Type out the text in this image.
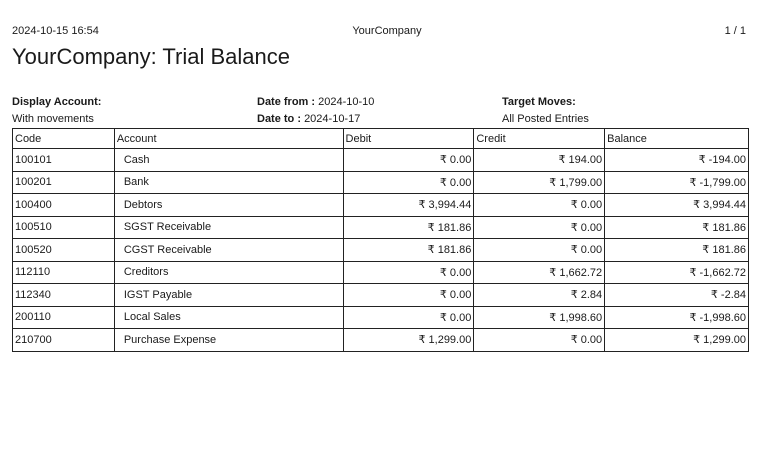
2024-10-15 16:54	YourCompany	1 / 1
YourCompany: Trial Balance
Display Account:
With movements
Date from : 2024-10-10
Date to : 2024-10-17
Target Moves:
All Posted Entries
Code	Account	Debit	Credit	Balance
100101	Cash	₹ 0.00	₹ 194.00	₹ -194.00
100201	Bank	₹ 0.00	₹ 1,799.00	₹ -1,799.00
100400	Debtors	₹ 3,994.44	₹ 0.00	₹ 3,994.44
100510	SGST Receivable	₹ 181.86	₹ 0.00	₹ 181.86
100520	CGST Receivable	₹ 181.86	₹ 0.00	₹ 181.86
112110	Creditors	₹ 0.00	₹ 1,662.72	₹ -1,662.72
112340	IGST Payable	₹ 0.00	₹ 2.84	₹ -2.84
200110	Local Sales	₹ 0.00	₹ 1,998.60	₹ -1,998.60
210700	Purchase Expense	₹ 1,299.00	₹ 0.00	₹ 1,299.00
